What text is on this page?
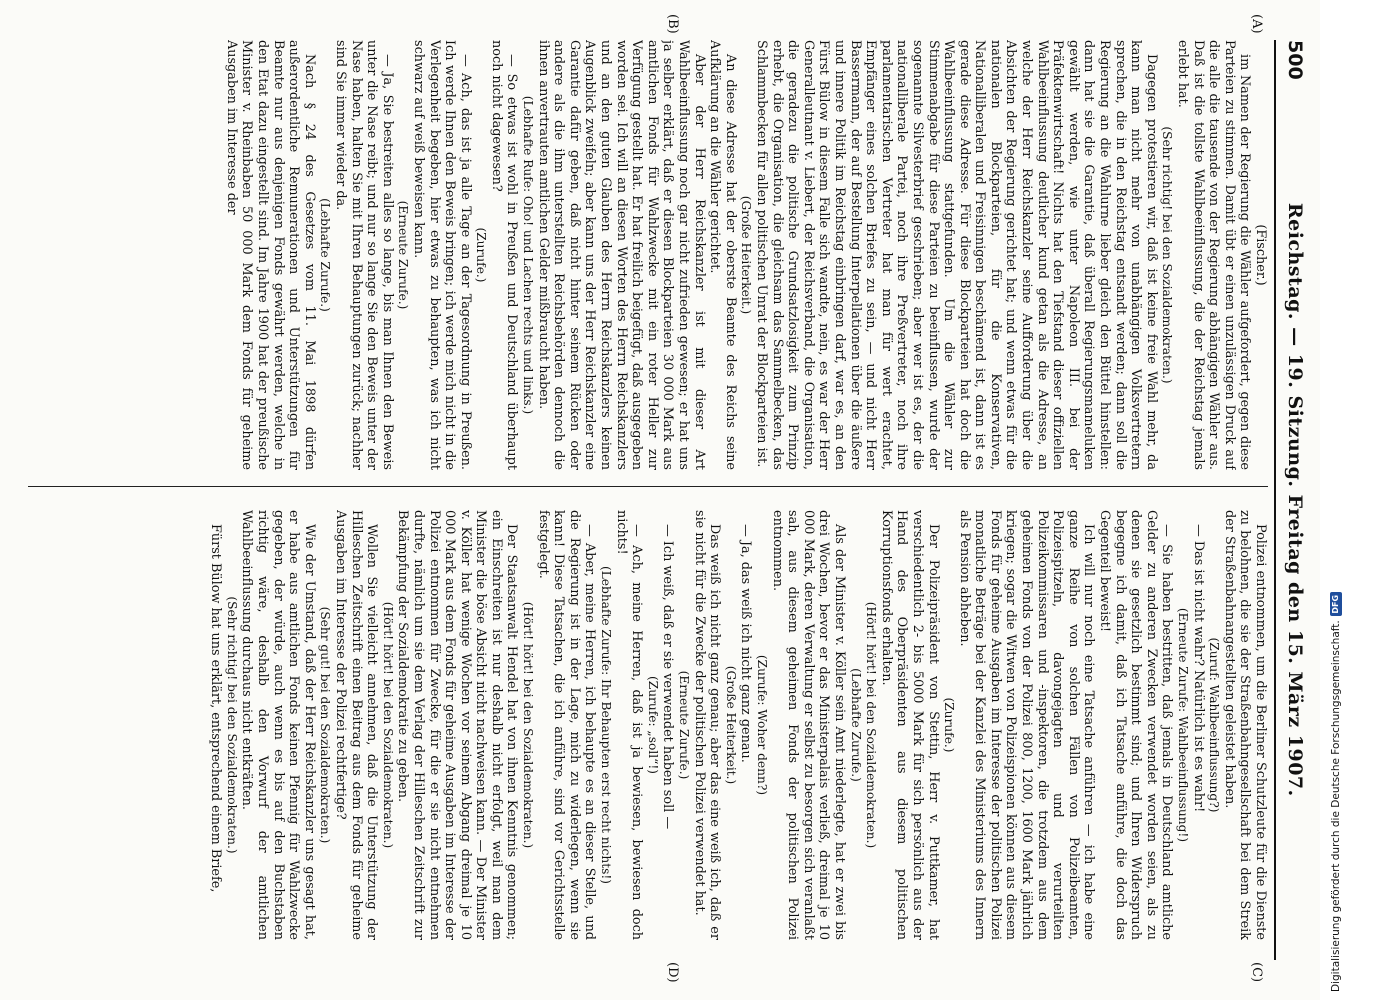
500
Reichstag. — 19. Sitzung. Freitag den 15. März 1907.
(A)
(B)
(C)
(D)

(Fischer.)

im Namen der Regierung die Wähler aufgefordert, gegen diese Parteien zu stimmen. Damit übt er einen unzulässigen Druck auf die alle die tausende von der Regierung abhängigen Wähler aus. Daß ist die tollste Wahlbeeinflussung, die der Reichstag jemals erlebt hat.

(Sehr richtig! bei den Sozialdemokraten.)

Dagegen protestieren wir, daß ist keine freie Wahl mehr, da kann man nicht mehr von unabhängigen Volksvertretern sprechen, die in den Reichstag entsandt werden; dann soll die Regierung an die Wahlurne lieber gleich den Büttel hinstellen: dann hat sie die Garantie, daß überall Regierungsmameluken gewählt werden, wie unter Napoleon III. bei der Präfektenwirtschaft! Nichts hat den Tiefstand dieser offiziellen Wahlbeeinflussung deutlicher kund getan als die Adresse, an welche der Herr Reichskanzler seine Aufforderung über die Absichten der Regierung gerichtet hat; und wenn etwas für die nationalen Blockparteien, für die Konservativen, Nationalliberalen und Freisinnigen beschämend ist, dann ist es gerade diese Adresse. Für diese Blockparteien hat doch die Wahlbeeinflussung stattgefunden. Um die Wähler zur Stimmenabgabe für diese Parteien zu beeinflussen, wurde der sogenannte Silvesterbrief geschrieben; aber wer ist es, der die nationalliberale Partei, noch ihre Preßvertreter, noch ihre parlamentarischen Vertreter hat man für wert erachtet, Empfänger eines solchen Briefes zu sein, — und nicht Herr Bassermann, der auf Bestellung Interpellationen über die äußere und innere Politik im Reichstag einbringen darf, war es, an den Fürst Bülow in diesem Falle sich wandte, nein, es war der Herr Generalleutnant v. Liebert, der Reichsverband, die Organisation, die geradezu die politische Grundsatzlosigkeit zum Prinzip erhebt, die Organisation, die gleichsam das Sammelbecken, das Schlammbecken für allen politischen Unrat der Blockparteien ist.

(Große Heiterkeit.)

An diese Adresse hat der oberste Beamte des Reichs seine Aufklärung an die Wähler gerichtet.

Aber der Herr Reichskanzler ist mit dieser Art Wahlbeeinflussung noch gar nicht zufrieden gewesen; er hat uns ja selber erklärt, daß er diesen Blockparteien 30 000 Mark aus amtlichen Fonds für Wahlzwecke mit ein roter Heller zur Verfügung gestellt hat. Er hat freilich beigefügt, daß ausgegeben worden sei. Ich will an diesen Worten des Herrn Reichskanzlers und an den guten Glauben des Herrn Reichskanzlers keinen Augenblick zweifeln; aber kann uns der Herr Reichskanzler eine Garantie dafür geben, daß nicht hinter seinem Rücken oder andere als die ihm unterstellten Reichsbehörden dennoch die ihnen anvertrauten amtlichen Gelder mißbraucht haben.

(Lebhafte Rufe: Oho! und Lachen rechts und links.)

— So etwas ist wohl in Preußen und Deutschland überhaupt noch nicht dagewesen?

(Zurufe.)

— Ach, das ist ja alle Tage an der Tagesordnung in Preußen. Ich werde Ihnen den Beweis bringen; ich werde mich nicht in die Verlegenheit begeben, hier etwas zu behaupten, was ich nicht schwarz auf weiß beweisen kann.

(Erneute Zurufe.)

— Ja, Sie bestreiten alles so lange, bis man Ihnen den Beweis unter die Nase reibt; und nur so lange Sie den Beweis unter der Nase haben, halten Sie mit Ihren Behauptungen zurück; nachher sind Sie immer wieder da.

(Lebhafte Zurufe.)

Nach § 24 des Gesetzes vom 11. Mai 1898 dürfen außerordentliche Remunerationen und Unterstützungen für Beamte nur aus denjenigen Fonds gewährt werden, welche in den Etat dazu eingestellt sind. Im Jahre 1900 hat der preußische Minister v. Rheinbaben 50 000 Mark dem Fonds für geheime Ausgaben im Interesse der

Polizei entnommen, um die Berliner Schutzleute für die Dienste zu belohnen, die sie der Straßenbahngesellschaft bei dem Streik der Straßenbahnangestellten geleistet haben.

(Zuruf: Wahlbeeinflussung?)

— Das ist nicht wahr? Natürlich ist es wahr!

(Erneute Zurufe: Wahlbeeinflussung!)

— Sie haben bestritten, daß jemals in Deutschland amtliche Gelder zu anderen Zwecken verwendet worden seien, als zu denen sie gesetzlich bestimmt sind; und Ihren Widerspruch begegne ich damit, daß ich Tatsache anführe, die doch das Gegenteil beweist!

Ich will nur noch eine Tatsache anführen — ich habe eine ganze Reihe von solchen Fällen von Polizeibeamten, Polizeispitzeln, davongejagten und verurteilten Polizeikommissaren und -inspektoren, die trotzdem aus dem geheimen Fonds von der Polizei 800, 1200, 1600 Mark jährlich kriegen; sogar die Witwen von Polizeispionen können aus diesem Fonds für geheime Ausgaben im Interesse der politischen Polizei monatliche Beträge bei der Kanzlei des Ministeriums des Innern als Pension abheben.

(Zurufe.)

Der Polizeipräsident von Stettin, Herr v. Puttkamer, hat verschiedentlich 2- bis 5000 Mark für sich persönlich aus der Hand des Oberpräsidenten aus diesem politischen Korruptionsfonds erhalten.

(Hört! hört! bei den Sozialdemokraten.)

(Lebhafte Zurufe.)

Als der Minister v. Köller sein Amt niederlegte, hat er zwei bis drei Wochen, bevor er das Ministerpalais verließ, dreimal je 10 000 Mark, deren Verwaltung er selbst zu besorgen sich veranlaßt sah, aus diesem geheimen Fonds der politischen Polizei entnommen.

(Zurufe: Woher denn?)

— Ja, das weiß ich nicht ganz genau.

(Große Heiterkeit.)

Das weiß ich nicht ganz genau; aber das eine weiß ich, daß er sie nicht für die Zwecke der politischen Polizei verwendet hat.

(Erneute Zurufe.)

— Ich weiß, daß er sie verwendet haben soll —

(Zurufe: „soll“!)

— Ach, meine Herren, daß ist ja bewiesen, bewiesen doch nichts!

(Lebhafte Zurufe: Ihr Behaupten erst recht nichts!)

— Aber, meine Herren, ich behaupte es an dieser Stelle, und die Regierung ist in der Lage, mich zu widerlegen, wenn sie kann! Diese Tatsachen, die ich anführe, sind vor Gerichtsstelle festgelegt.

(Hört! hört! bei den Sozialdemokraten.)

Der Staatsanwalt Hendel hat von ihnen Kenntnis genommen; ein Einschreiten ist nur deshalb nicht erfolgt, weil man dem Minister die böse Absicht nicht nachweisen kann. — Der Minister v. Köller hat wenige Wochen vor seinem Abgang dreimal je 10 000 Mark aus dem Fonds für geheime Ausgaben im Interesse der Polizei entnommen für Zwecke, für die er sie nicht entnehmen durfte, nämlich um sie dem Verlag der Hilleschen Zeitschrift zur Bekämpfung der Sozialdemokratie zu geben.

(Hört! hört! bei den Sozialdemokraten.)

Wollen Sie vielleicht annehmen, daß die Unterstützung der Hilleschen Zeitschrift einen Beitrag aus dem Fonds für geheime Ausgaben im Interesse der Polizei rechtfertige?

(Sehr gut! bei den Sozialdemokraten.)

Wie der Umstand, daß der Herr Reichskanzler uns gesagt hat, er habe aus amtlichen Fonds keinen Pfennig für Wahlzwecke gegeben, der würde, auch wenn es bis auf den Buchstaben richtig wäre, deshalb den Vorwurf der amtlichen Wahlbeeinflussung durchaus nicht entkräften.

(Sehr richtig! bei den Sozialdemokraten.)

Fürst Bülow hat uns erklärt, entsprechend einem Briefe,	Digitalisierung gefördert durch die Deutsche Forschungsgemeinschaft.
DFG
